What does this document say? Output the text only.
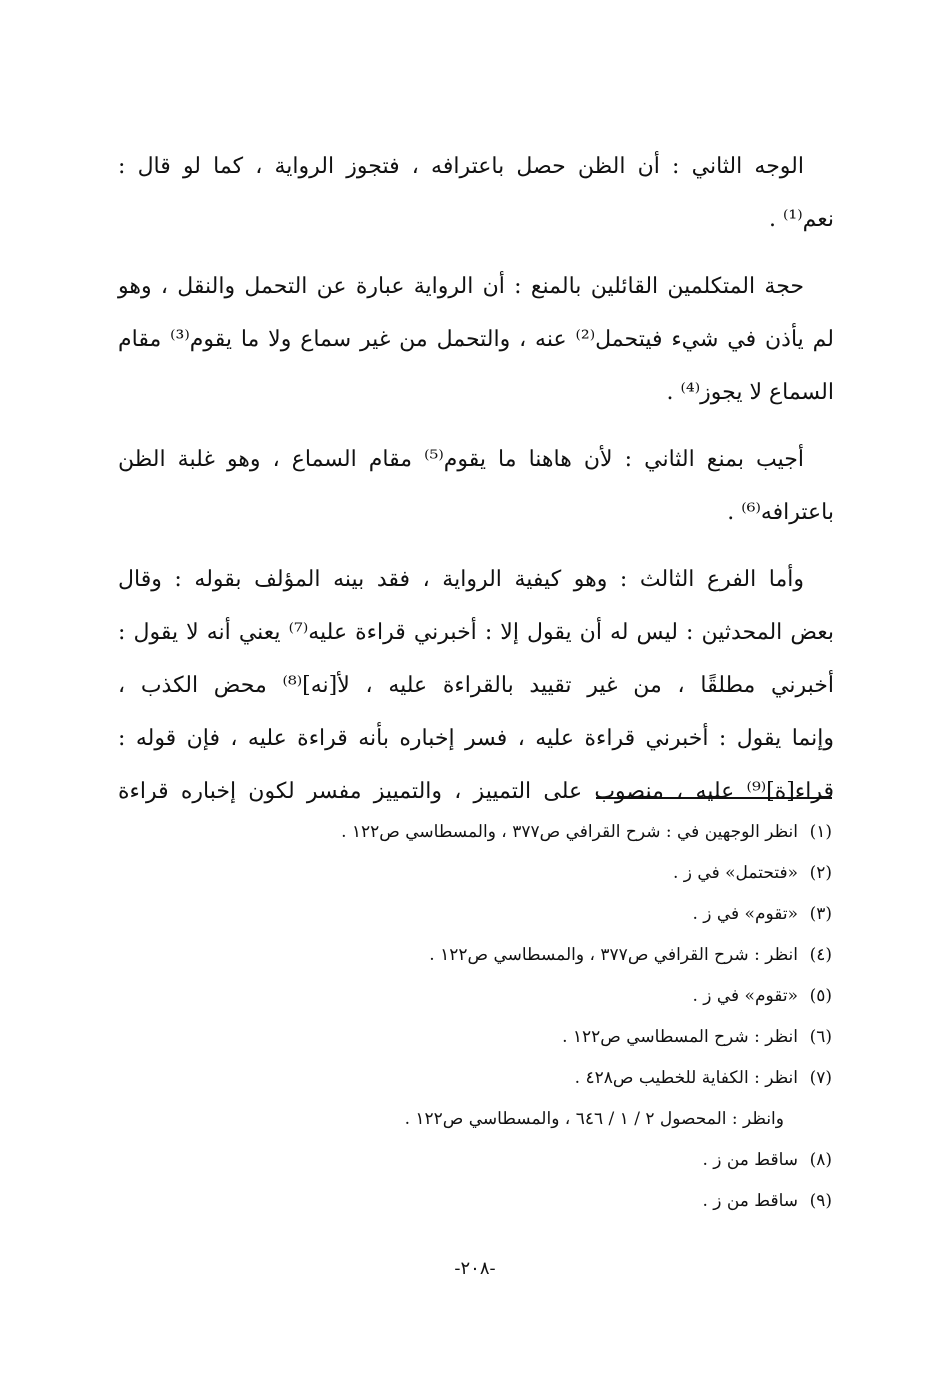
الوجه الثاني : أن الظن حصل باعترافه ، فتجوز الرواية ، كما لو قال :
نعم⁽¹⁾ .

حجة المتكلمين القائلين بالمنع : أن الرواية عبارة عن التحمل والنقل ، وهو
لم يأذن في شيء فيتحمل⁽²⁾ عنه ، والتحمل من غير سماع ولا ما يقوم⁽³⁾ مقام
السماع لا يجوز⁽⁴⁾ .

أجيب بمنع الثاني : لأن هاهنا ما يقوم⁽⁵⁾ مقام السماع ، وهو غلبة الظن
باعترافه⁽⁶⁾ .

وأما الفرع الثالث : وهو كيفية الرواية ، فقد بينه المؤلف بقوله : وقال
بعض المحدثين : ليس له أن يقول إلا : أخبرني قراءة عليه⁽⁷⁾ يعني أنه لا يقول :
أخبرني مطلقًا ، من غير تقييد بالقراءة عليه ، لأ[نه]⁽⁸⁾ محض الكذب ،
وإنما يقول : أخبرني قراءة عليه ، فسر إخباره بأنه قراءة عليه ، فإن قوله :
قراء[ة]⁽⁹⁾ عليه ، منصوب على التمييز ، والتمييز مفسر لكون إخباره قراءة

(١)انظر الوجهين في : شرح القرافي ص٣٧٧ ، والمسطاسي ص١٢٢ .
(٢)«فتحتمل» في ز .
(٣)«تقوم» في ز .
(٤)انظر : شرح القرافي ص٣٧٧ ، والمسطاسي ص١٢٢ .
(٥)«تقوم» في ز .
(٦)انظر : شرح المسطاسي ص١٢٢ .
(٧)انظر : الكفاية للخطيب ص٤٢٨ .
وانظر : المحصول ٢ / ١ / ٦٤٦ ، والمسطاسي ص١٢٢ .
(٨)ساقط من ز .
(٩)ساقط من ز .
-٢٠٨-
